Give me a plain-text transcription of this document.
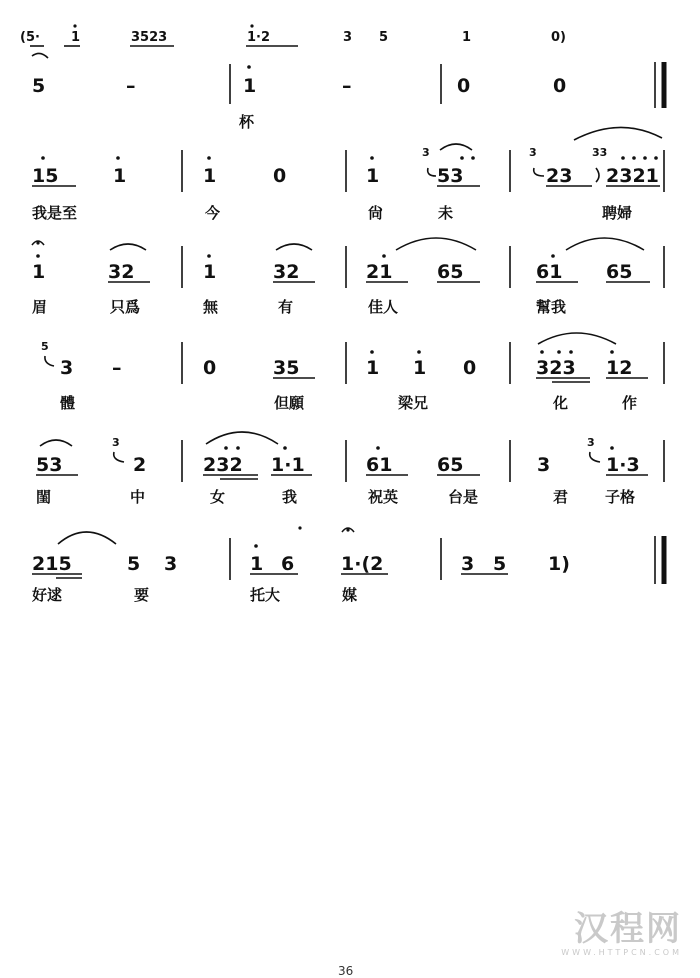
(5· 1	3523	1·2	3 5	1	0)
5	–	1	–	0	0
杯
15	1	1	0	1
3
53
3
23
33
2321
我是至	今	尙	未	聘婦
1	32	1	32	21 65	61 65
眉	只爲	無	有	佳人	幫我
5
3 –	0	35	1 1 0	323 12
體	但願	梁兄	化	作
53
3
2	232 1·1	61 65	3
3
1·3
閨	中	女	我	祝英	台是	君 子格
215	5 3	1 6 1·(2	3 5 1)
好逑	要	托大	媒
汉程网
WWW.HTTPCN.COM
36
